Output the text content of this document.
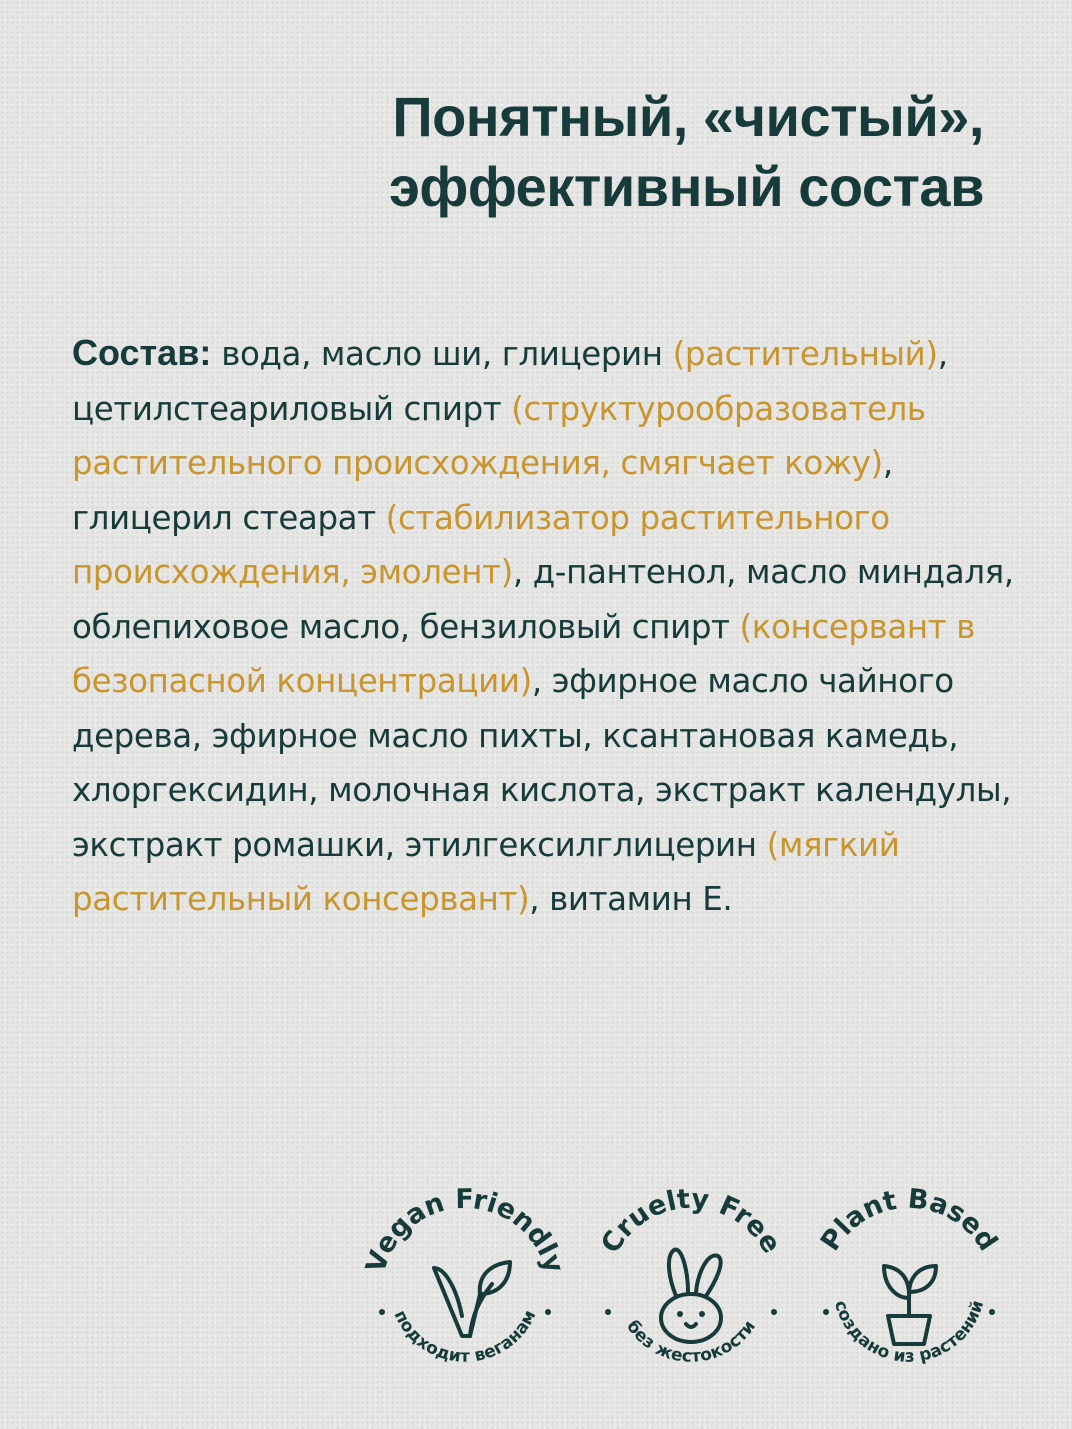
Понятный, «чистый»,
эффективный состав

Состав: вода, масло ши, глицерин (растительный), цетилстеариловый спирт (структурообразователь растительного происхождения, смягчает кожу), глицерил стеарат (стабилизатор растительного происхождения, эмолент), д-пантенол, масло миндаля, облепиховое масло, бензиловый спирт (консервант в безопасной концентрации), эфирное масло чайного дерева, эфирное масло пихты, ксантановая камедь, хлоргексидин, молочная кислота, экстракт календулы, экстракт ромашки, этилгексилглицерин (мягкий растительный консервант), витамин Е.

Vegan Friendly
подходит веганам
Cruelty Free
без жестокости
Plant Based
создано из растений
